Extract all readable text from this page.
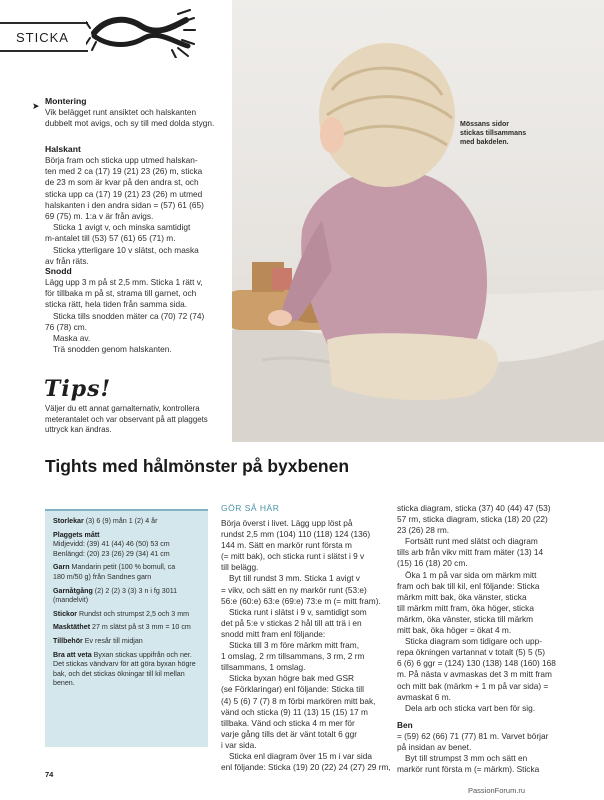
STICKA
➤ Montering
Vik belägget runt ansiktet och halskanten dubbelt mot avigs, och sy till med dolda stygn.
Halskant

Börja fram och sticka upp utmed halskan-

ten med 2 ca (17) 19 (21) 23 (26) m, sticka

de 23 m som är kvar på den andra st, och

sticka upp ca (17) 19 (21) 23 (26) m utmed

halskanten i den andra sidan = (57) 61 (65)

69 (75) m. 1:a v är från avigs.

Sticka 1 avigt v, och minska samtidigt

m-antalet till (53) 57 (61) 65 (71) m.

Sticka ytterligare 10 v slätst, och maska

av från räts.

Snodd

Lägg upp 3 m på st 2,5 mm. Sticka 1 rätt v,

för tillbaka m på st, strama till garnet, och

sticka rätt, hela tiden från samma sida.

Sticka tills snodden mäter ca (70) 72 (74)

76 (78) cm.

Maska av.

Trä snodden genom halskanten.

Mössans sidor

stickas tillsammans

med bakdelen.

Tips!

Väljer du ett annat garnalternativ, kontrollera

meterantalet och var observant på att plaggets

uttryck kan ändras.

Tights med hålmönster på byxbenen

Storlekar (3) 6 (9) mån 1 (2) 4 år

Plaggets mått

Midjevidd: (39) 41 (44) 46 (50) 53 cm

Benlängd: (20) 23 (26) 29 (34) 41 cm

Garn Mandarin petit (100 % bomull, ca

180 m/50 g) från Sandnes garn

Garnåtgång (2) 2 (2) 3 (3) 3 n i fg 3011

(mandelvit)

Stickor Rundst och strumpst 2,5 och 3 mm

Masktäthet 27 m slätst på st 3 mm = 10 cm

Tillbehör Ev resår till midjan

Bra att veta Byxan stickas uppifrån och ner.

Det stickas vändvarv för att göra byxan högre

bak, och det stickas ökningar till kil mellan

benen.

GÖR SÅ HÄR

Börja överst i livet. Lägg upp löst på

rundst 2,5 mm (104) 110 (118) 124 (136)

144 m. Sätt en markör runt första m

(= mitt bak), och sticka runt i slätst i 9 v

till belägg.

Byt till rundst 3 mm. Sticka 1 avigt v

= vikv, och sätt en ny markör runt (53:e)

56:e (60:e) 63:e (69:e) 73:e m (= mitt fram).

Sticka runt i slätst i 9 v, samtidigt som

det på 5:e v stickas 2 hål till att trä i en

snodd mitt fram enl följande:

Sticka till 3 m före märkm mitt fram,

1 omslag, 2 rm tillsammans, 3 rm, 2 rm

tillsammans, 1 omslag.

Sticka byxan högre bak med GSR

(se Förklaringar) enl följande: Sticka till

(4) 5 (6) 7 (7) 8 m förbi markören mitt bak,

vänd och sticka (9) 11 (13) 15 (15) 17 m

tillbaka. Vänd och sticka 4 m mer för

varje gång tills det är vänt totalt 6 ggr

i var sida.

Sticka enl diagram över 15 m i var sida

enl följande: Sticka (19) 20 (22) 24 (27) 29 rm,

sticka diagram, sticka (37) 40 (44) 47 (53)

57 rm, sticka diagram, sticka (18) 20 (22)

23 (26) 28 rm.

Fortsätt runt med slätst och diagram

tills arb från vikv mitt fram mäter (13) 14

(15) 16 (18) 20 cm.

Öka 1 m på var sida om märkm mitt

fram och bak till kil, enl följande: Sticka

märkm mitt bak, öka vänster, sticka

till märkm mitt fram, öka höger, sticka

märkm, öka vänster, sticka till märkm

mitt bak, öka höger = ökat 4 m.

Sticka diagram som tidigare och upp-

repa ökningen vartannat v totalt (5) 5 (5)

6 (6) 6 ggr = (124) 130 (138) 148 (160) 168

m. På nästa v avmaskas det 3 m mitt fram

och mitt bak (märkm + 1 m på var sida) =

avmaskat 6 m.

Dela arb och sticka vart ben för sig.

Ben

= (59) 62 (66) 71 (77) 81 m. Varvet börjar

på insidan av benet.

Byt till strumpst 3 mm och sätt en

markör runt första m (= märkm). Sticka

74
PassionForum.ru
